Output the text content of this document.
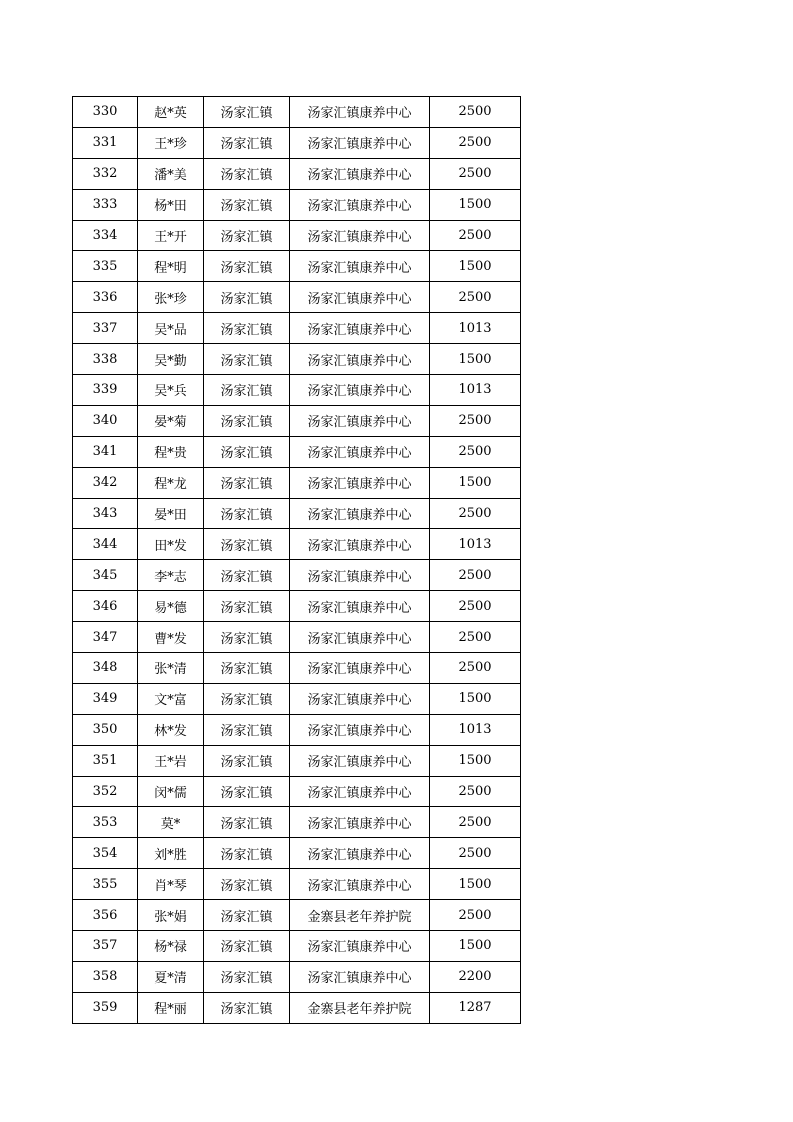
330	赵*英	汤家汇镇	汤家汇镇康养中心	2500
331	王*珍	汤家汇镇	汤家汇镇康养中心	2500
332	潘*美	汤家汇镇	汤家汇镇康养中心	2500
333	杨*田	汤家汇镇	汤家汇镇康养中心	1500
334	王*开	汤家汇镇	汤家汇镇康养中心	2500
335	程*明	汤家汇镇	汤家汇镇康养中心	1500
336	张*珍	汤家汇镇	汤家汇镇康养中心	2500
337	吴*品	汤家汇镇	汤家汇镇康养中心	1013
338	吴*勤	汤家汇镇	汤家汇镇康养中心	1500
339	吴*兵	汤家汇镇	汤家汇镇康养中心	1013
340	晏*菊	汤家汇镇	汤家汇镇康养中心	2500
341	程*贵	汤家汇镇	汤家汇镇康养中心	2500
342	程*龙	汤家汇镇	汤家汇镇康养中心	1500
343	晏*田	汤家汇镇	汤家汇镇康养中心	2500
344	田*发	汤家汇镇	汤家汇镇康养中心	1013
345	李*志	汤家汇镇	汤家汇镇康养中心	2500
346	易*德	汤家汇镇	汤家汇镇康养中心	2500
347	曹*发	汤家汇镇	汤家汇镇康养中心	2500
348	张*清	汤家汇镇	汤家汇镇康养中心	2500
349	文*富	汤家汇镇	汤家汇镇康养中心	1500
350	林*发	汤家汇镇	汤家汇镇康养中心	1013
351	王*岩	汤家汇镇	汤家汇镇康养中心	1500
352	闵*儒	汤家汇镇	汤家汇镇康养中心	2500
353	莫*	汤家汇镇	汤家汇镇康养中心	2500
354	刘*胜	汤家汇镇	汤家汇镇康养中心	2500
355	肖*琴	汤家汇镇	汤家汇镇康养中心	1500
356	张*娟	汤家汇镇	金寨县老年养护院	2500
357	杨*禄	汤家汇镇	汤家汇镇康养中心	1500
358	夏*清	汤家汇镇	汤家汇镇康养中心	2200
359	程*丽	汤家汇镇	金寨县老年养护院	1287
